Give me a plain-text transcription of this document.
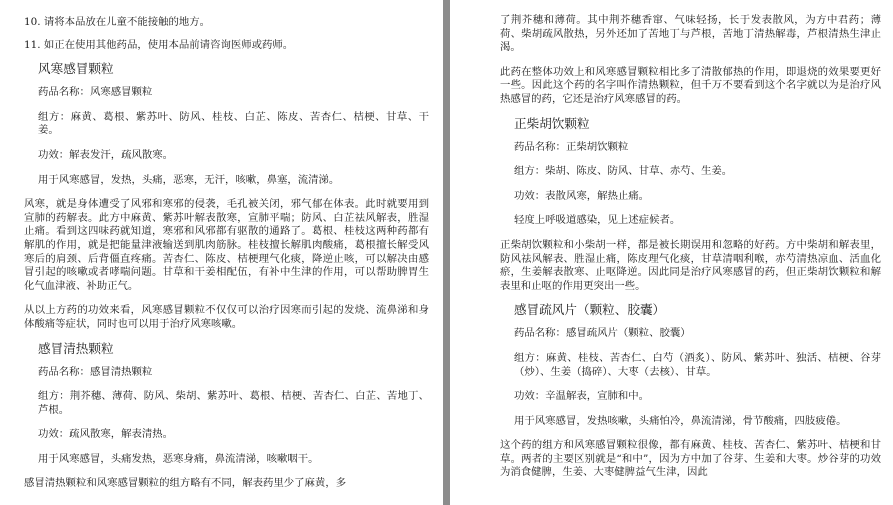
10. 请将本品放在儿童不能接触的地方。

11. 如正在使用其他药品，使用本品前请咨询医师或药师。

风寒感冒颗粒

药品名称：风寒感冒颗粒

组方：麻黄、葛根、紫苏叶、防风、桂枝、白芷、陈皮、苦杏仁、桔梗、甘草、干姜。

功效：解表发汗，疏风散寒。

用于风寒感冒，发热，头痛，恶寒，无汗，咳嗽，鼻塞，流清涕。

风寒，就是身体遭受了风邪和寒邪的侵袭，毛孔被关闭，邪气郁在体表。此时就要用到宣肺的药解表。此方中麻黄、紫苏叶解表散寒，宣肺平喘；防风、白芷祛风解表，胜湿止痛。看到这四味药就知道，寒邪和风邪都有驱散的通路了。葛根、桂枝这两种药都有解肌的作用，就是把能量津液输送到肌肉筋脉。桂枝擅长解肌肉酸痛，葛根擅长解受风寒后的肩颈、后背僵直疼痛。苦杏仁、陈皮、桔梗理气化痰，降逆止咳，可以解决由感冒引起的咳嗽或者哮喘问题。甘草和干姜相配伍，有补中生津的作用，可以帮助脾胃生化气血津液、补助正气。

从以上方药的功效来看，风寒感冒颗粒不仅仅可以治疗因寒而引起的发烧、流鼻涕和身体酸痛等症状，同时也可以用于治疗风寒咳嗽。

感冒清热颗粒

药品名称：感冒清热颗粒

组方：荆芥穗、薄荷、防风、柴胡、紫苏叶、葛根、桔梗、苦杏仁、白芷、苦地丁、芦根。

功效：疏风散寒，解表清热。

用于风寒感冒，头痛发热，恶寒身痛，鼻流清涕，咳嗽咽干。

感冒清热颗粒和风寒感冒颗粒的组方略有不同，解表药里少了麻黄，多

了荆芥穗和薄荷。其中荆芥穗香窜、气味轻扬，长于发表散风，为方中君药；薄荷、柴胡疏风散热，另外还加了苦地丁与芦根，苦地丁清热解毒，芦根清热生津止渴。

此药在整体功效上和风寒感冒颗粒相比多了清散郁热的作用，即退烧的效果要更好一些。因此这个药的名字叫作清热颗粒，但千万不要看到这个名字就以为是治疗风热感冒的药，它还是治疗风寒感冒的药。

正柴胡饮颗粒

药品名称：正柴胡饮颗粒

组方：柴胡、陈皮、防风、甘草、赤芍、生姜。

功效：表散风寒，解热止痛。

轻度上呼吸道感染，见上述症候者。

正柴胡饮颗粒和小柴胡一样，都是被长期误用和忽略的好药。方中柴胡和解表里，防风祛风解表、胜湿止痛，陈皮理气化痰，甘草清咽利喉，赤芍清热凉血、活血化瘀，生姜解表散寒、止呕降逆。因此同是治疗风寒感冒的药，但正柴胡饮颗粒和解表里和止呕的作用更突出一些。

感冒疏风片（颗粒、胶囊）

药品名称：感冒疏风片（颗粒、胶囊）

组方：麻黄、桂枝、苦杏仁、白芍（酒炙）、防风、紫苏叶、独活、桔梗、谷芽（炒）、生姜（捣碎）、大枣（去核）、甘草。

功效：辛温解表，宣肺和中。

用于风寒感冒，发热咳嗽，头痛怕冷，鼻流清涕，骨节酸痛，四肢疲倦。

这个药的组方和风寒感冒颗粒很像，都有麻黄、桂枝、苦杏仁、紫苏叶、桔梗和甘草。两者的主要区别就是“和中”，因为方中加了谷芽、生姜和大枣。炒谷芽的功效为消食健脾，生姜、大枣健脾益气生津，因此
